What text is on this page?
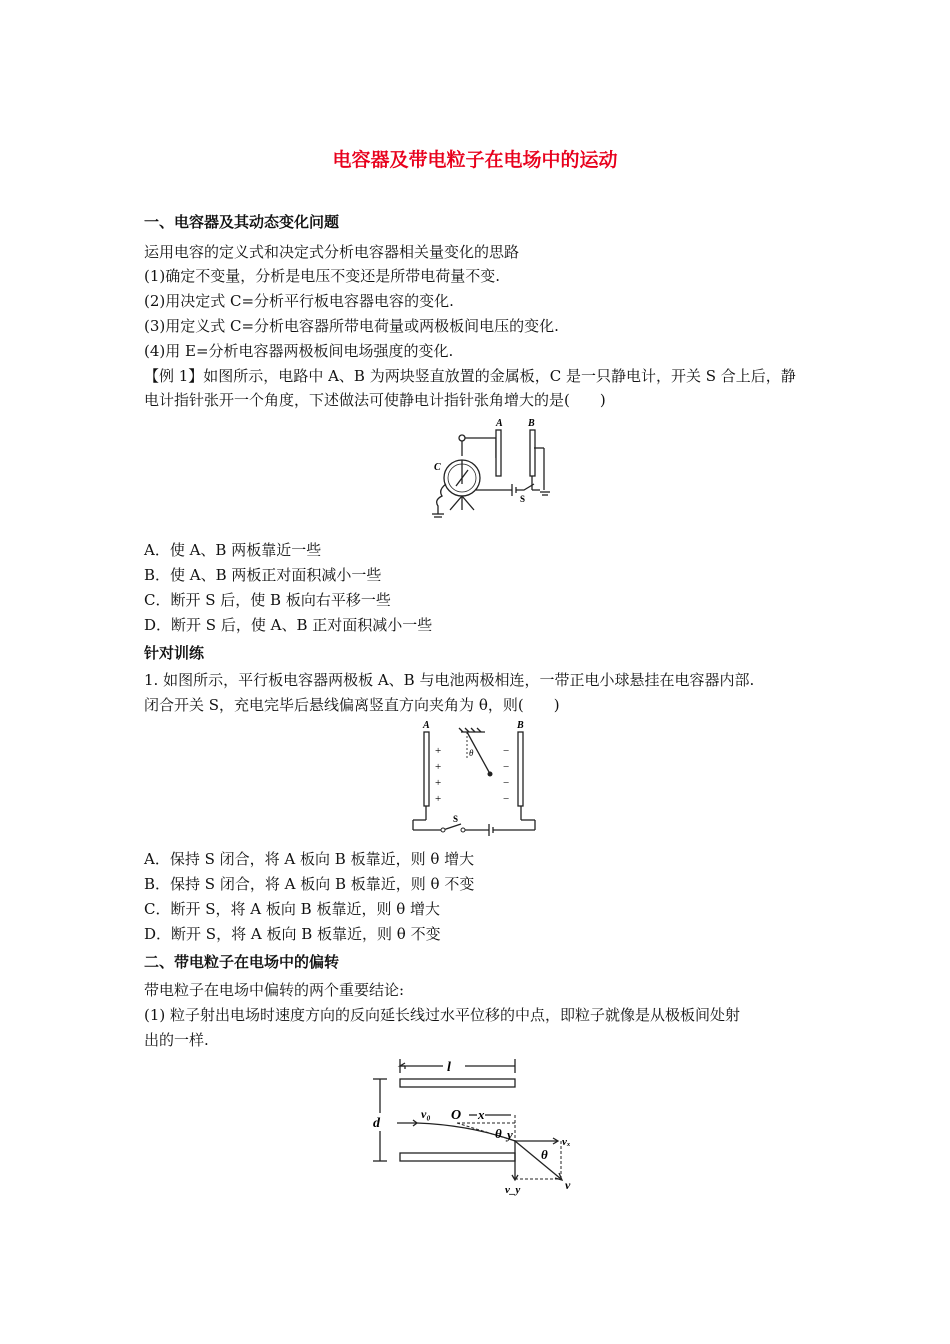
电容器及带电粒子在电场中的运动
一、电容器及其动态变化问题
运用电容的定义式和决定式分析电容器相关量变化的思路
(1)确定不变量，分析是电压不变还是所带电荷量不变.
(2)用决定式 C=分析平行板电容器电容的变化.
(3)用定义式 C=分析电容器所带电荷量或两极板间电压的变化.
(4)用 E=分析电容器两极板间电场强度的变化.
【例 1】如图所示，电路中 A、B 为两块竖直放置的金属板，C 是一只静电计，开关 S 合上后，静
电计指针张开一个角度，下述做法可使静电计指针张角增大的是(　　)
A	B
C
S
A．使 A、B 两板靠近一些
B．使 A、B 两板正对面积减小一些
C．断开 S 后，使 B 板向右平移一些
D．断开 S 后，使 A、B 正对面积减小一些
针对训练
1. 如图所示，平行板电容器两极板 A、B 与电池两极相连，一带正电小球悬挂在电容器内部.
闭合开关 S，充电完毕后悬线偏离竖直方向夹角为 θ，则(　　)
A	B
θ
S
+
+
+
+
−
−
−
−
A．保持 S 闭合，将 A 板向 B 板靠近，则 θ 增大
B．保持 S 闭合，将 A 板向 B 板靠近，则 θ 不变
C．断开 S，将 A 板向 B 板靠近，则 θ 增大
D．断开 S，将 A 板向 B 板靠近，则 θ 不变
二、带电粒子在电场中的偏转
带电粒子在电场中偏转的两个重要结论:
(1) 粒子射出电场时速度方向的反向延长线过水平位移的中点，即粒子就像是从极板间处射
出的一样.
l
d
v₀ O x
θ y
θ
vₓ
v_y	v
